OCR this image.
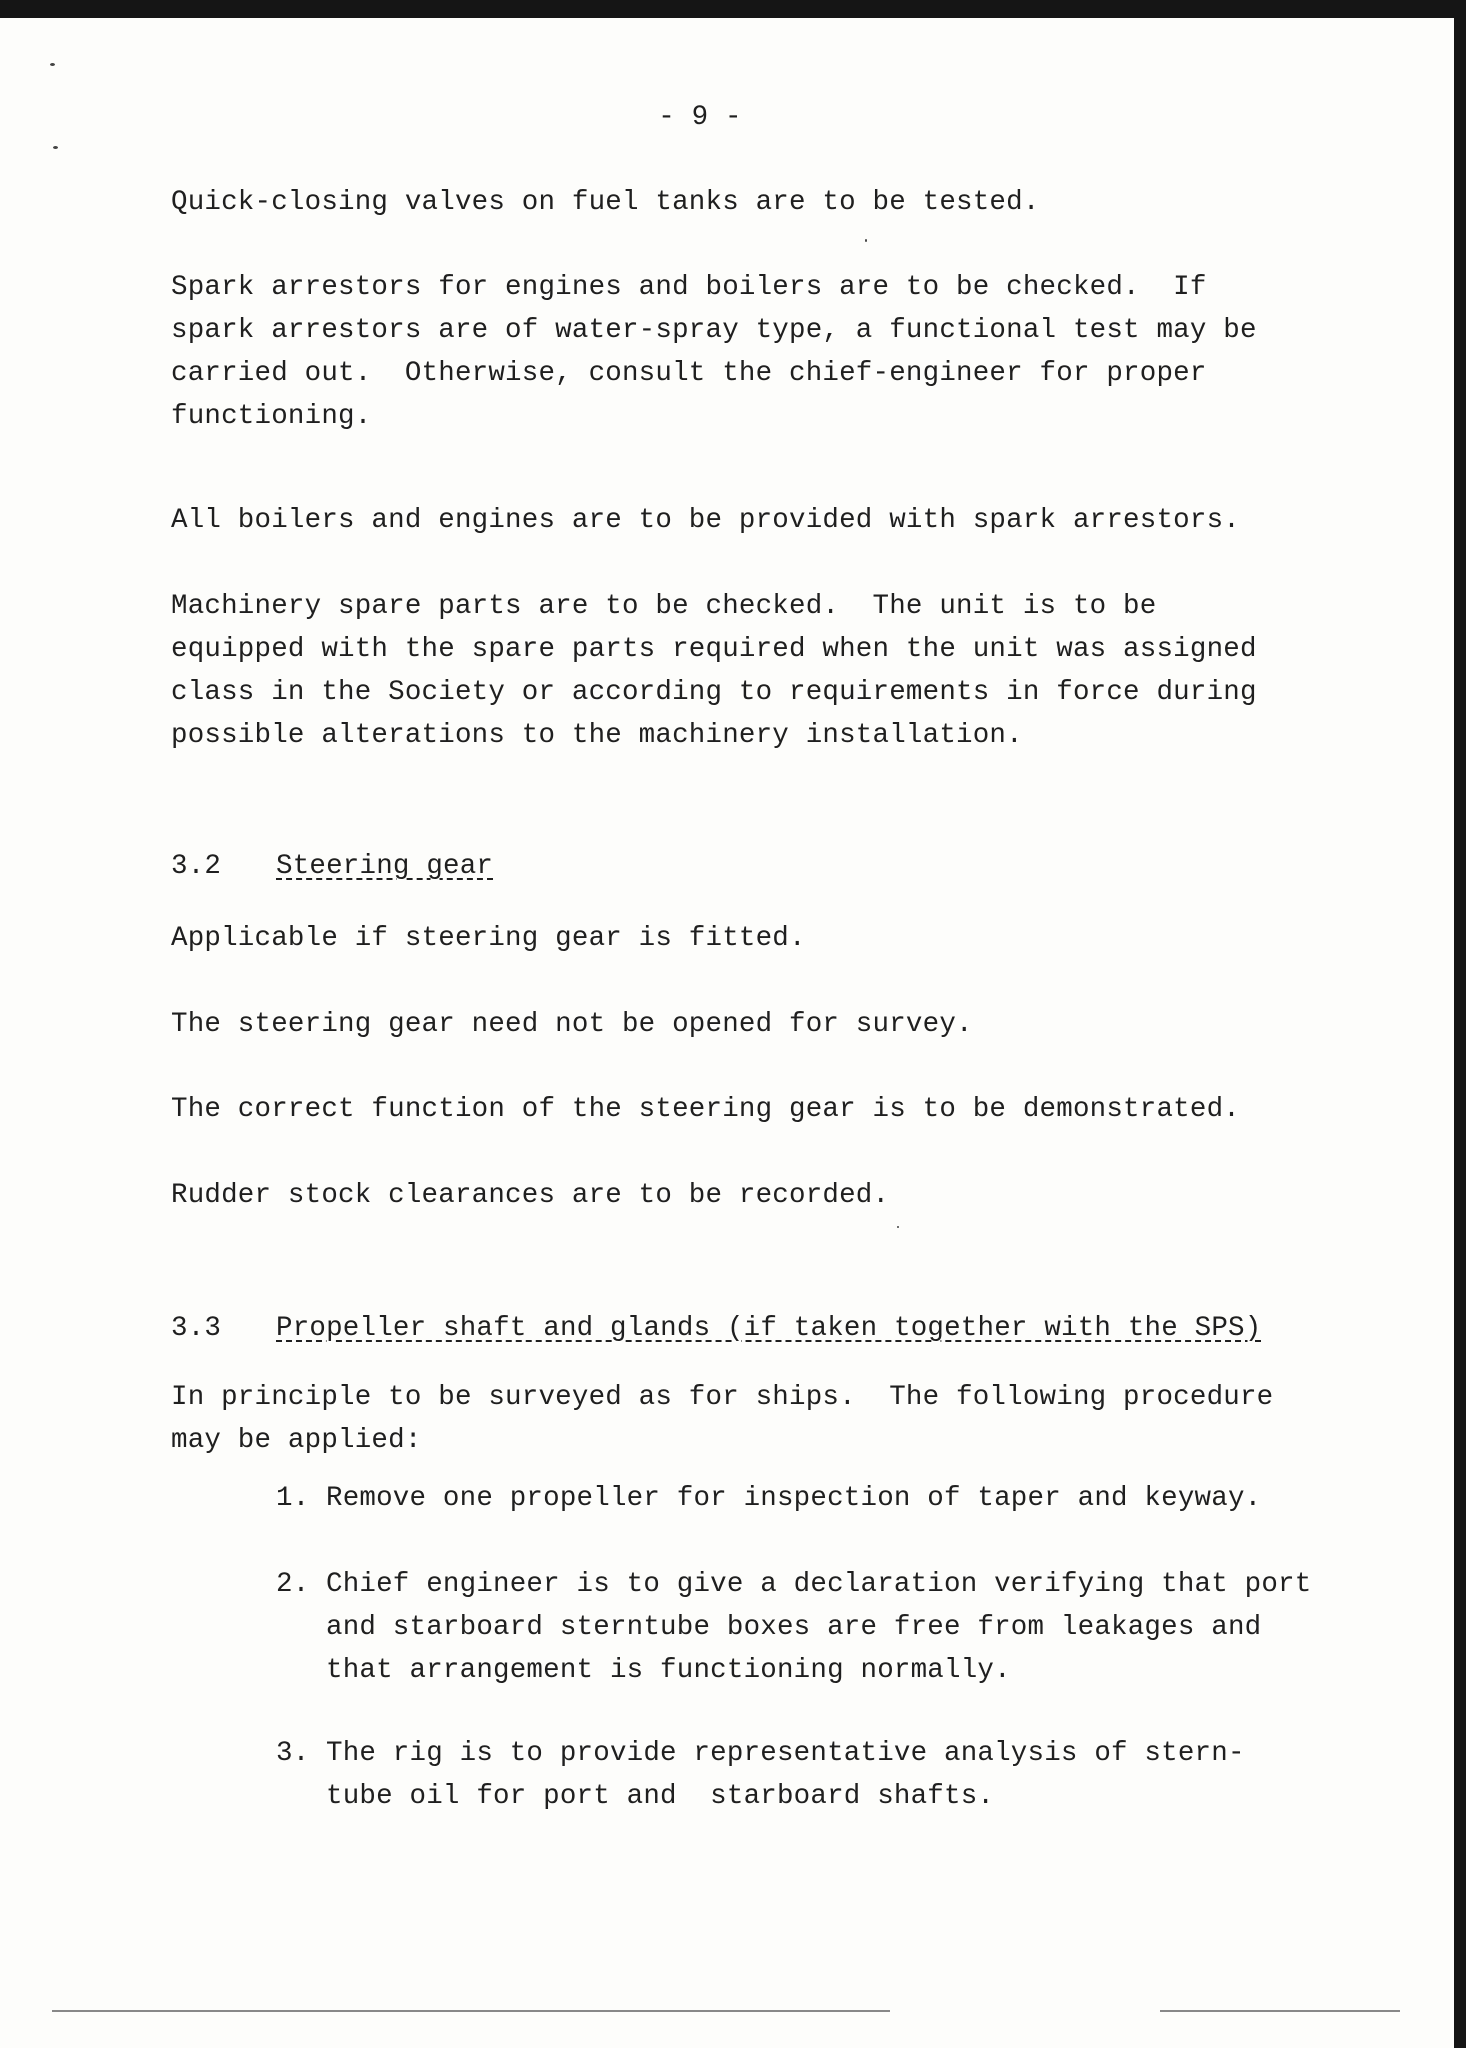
- 9 -

Quick-closing valves on fuel tanks are to be tested.

Spark arrestors for engines and boilers are to be checked.  If
spark arrestors are of water-spray type, a functional test may be
carried out.  Otherwise, consult the chief-engineer for proper
functioning.

All boilers and engines are to be provided with spark arrestors.

Machinery spare parts are to be checked.  The unit is to be
equipped with the spare parts required when the unit was assigned
class in the Society or according to requirements in force during
possible alterations to the machinery installation.

3.2 Steering gear

Applicable if steering gear is fitted.

The steering gear need not be opened for survey.

The correct function of the steering gear is to be demonstrated.

Rudder stock clearances are to be recorded.

3.3 Propeller shaft and glands (if taken together with the SPS)

In principle to be surveyed as for ships.  The following procedure
may be applied:

1. Remove one propeller for inspection of taper and keyway.

2. Chief engineer is to give a declaration verifying that port
and starboard sterntube boxes are free from leakages and
that arrangement is functioning normally.

3. The rig is to provide representative analysis of stern-
tube oil for port and  starboard shafts.
